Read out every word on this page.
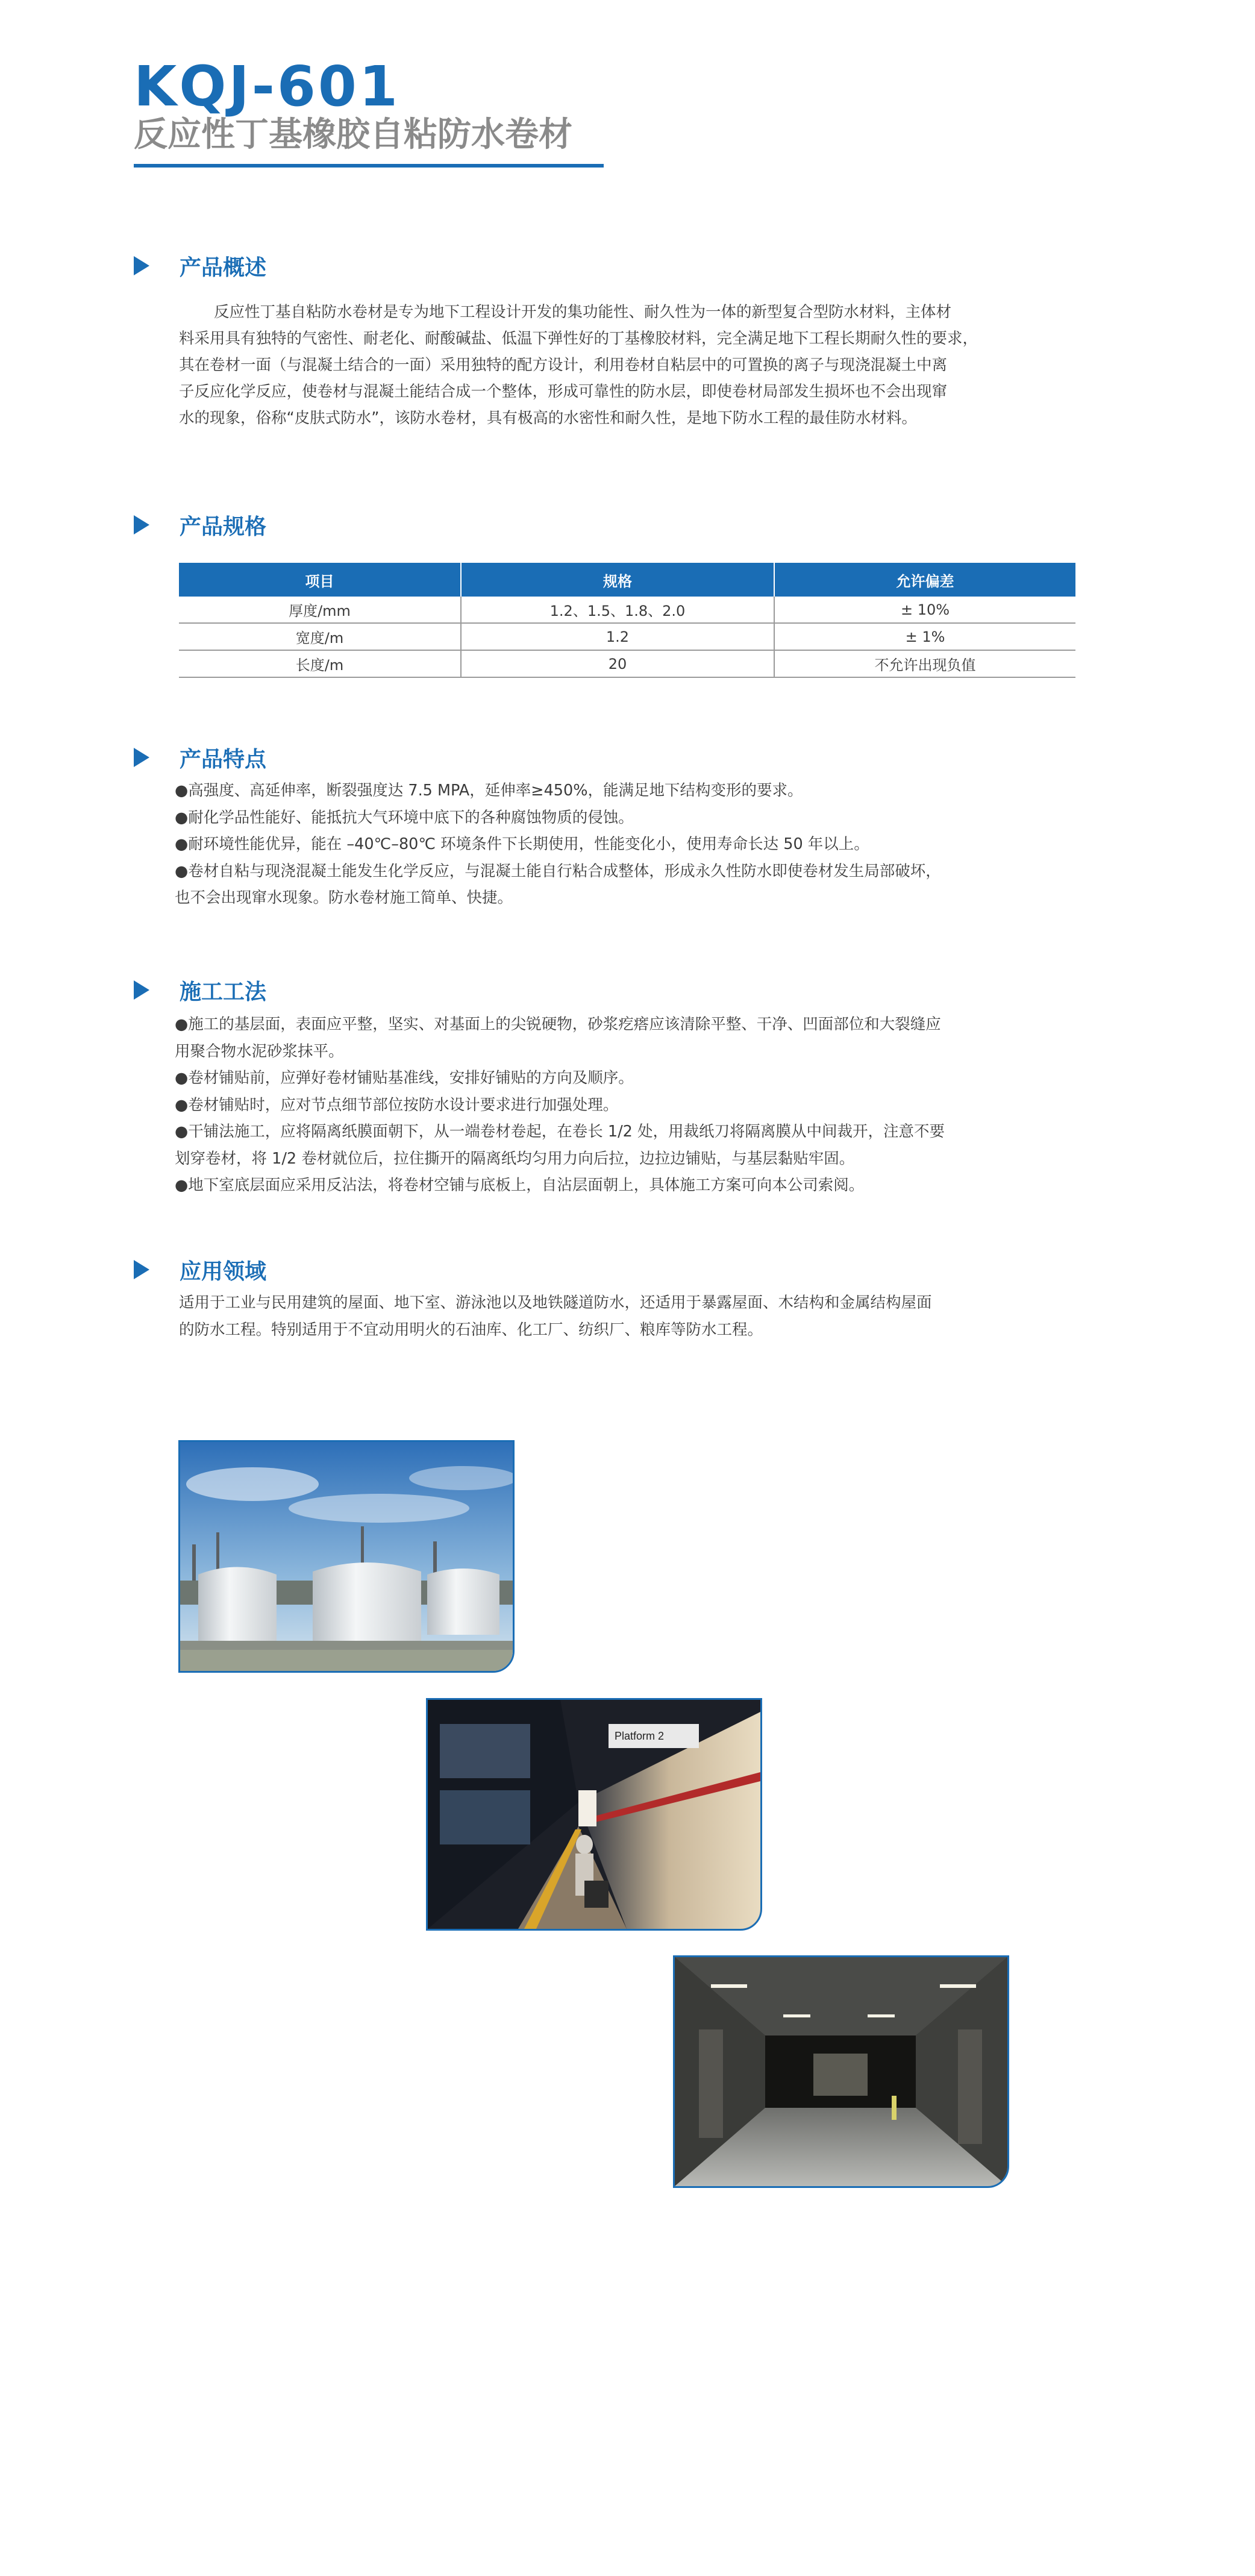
KQJ-601
反应性丁基橡胶自粘防水卷材
产品概述

反应性丁基自粘防水卷材是专为地下工程设计开发的集功能性、耐久性为一体的新型复合型防水材料，主体材

料采用具有独特的气密性、耐老化、耐酸碱盐、低温下弹性好的丁基橡胶材料，完全满足地下工程长期耐久性的要求，

其在卷材一面（与混凝土结合的一面）采用独特的配方设计，利用卷材自粘层中的可置换的离子与现浇混凝土中离

子反应化学反应，使卷材与混凝土能结合成一个整体，形成可靠性的防水层，即使卷材局部发生损坏也不会出现窜

水的现象，俗称“皮肤式防水”，该防水卷材，具有极高的水密性和耐久性，是地下防水工程的最佳防水材料。

产品规格
项目	规格	允许偏差
厚度/mm	1.2、1.5、1.8、2.0	± 10%
宽度/m	1.2	± 1%
长度/m	20	不允许出现负值
产品特点
●高强度、高延伸率，断裂强度达 7.5 MPA，延伸率≥450%，能满足地下结构变形的要求。
●耐化学品性能好、能抵抗大气环境中底下的各种腐蚀物质的侵蚀。
●耐环境性能优异，能在 –40℃–80℃ 环境条件下长期使用，性能变化小，使用寿命长达 50 年以上。
●卷材自粘与现浇混凝土能发生化学反应，与混凝土能自行粘合成整体，形成永久性防水即使卷材发生局部破坏，
也不会出现窜水现象。防水卷材施工简单、快捷。
施工工法
●施工的基层面，表面应平整，坚实、对基面上的尖锐硬物，砂浆疙瘩应该清除平整、干净、凹面部位和大裂缝应
用聚合物水泥砂浆抹平。
●卷材铺贴前，应弹好卷材铺贴基准线，安排好铺贴的方向及顺序。
●卷材铺贴时，应对节点细节部位按防水设计要求进行加强处理。
●干铺法施工，应将隔离纸膜面朝下，从一端卷材卷起，在卷长 1/2 处，用裁纸刀将隔离膜从中间裁开，注意不要
划穿卷材，将 1/2 卷材就位后，拉住撕开的隔离纸均匀用力向后拉，边拉边铺贴，与基层黏贴牢固。
●地下室底层面应采用反沾法，将卷材空铺与底板上，自沾层面朝上，具体施工方案可向本公司索阅。
应用领域
适用于工业与民用建筑的屋面、地下室、游泳池以及地铁隧道防水，还适用于暴露屋面、木结构和金属结构屋面
的防水工程。特别适用于不宜动用明火的石油库、化工厂、纺织厂、粮库等防水工程。
Platform 2
